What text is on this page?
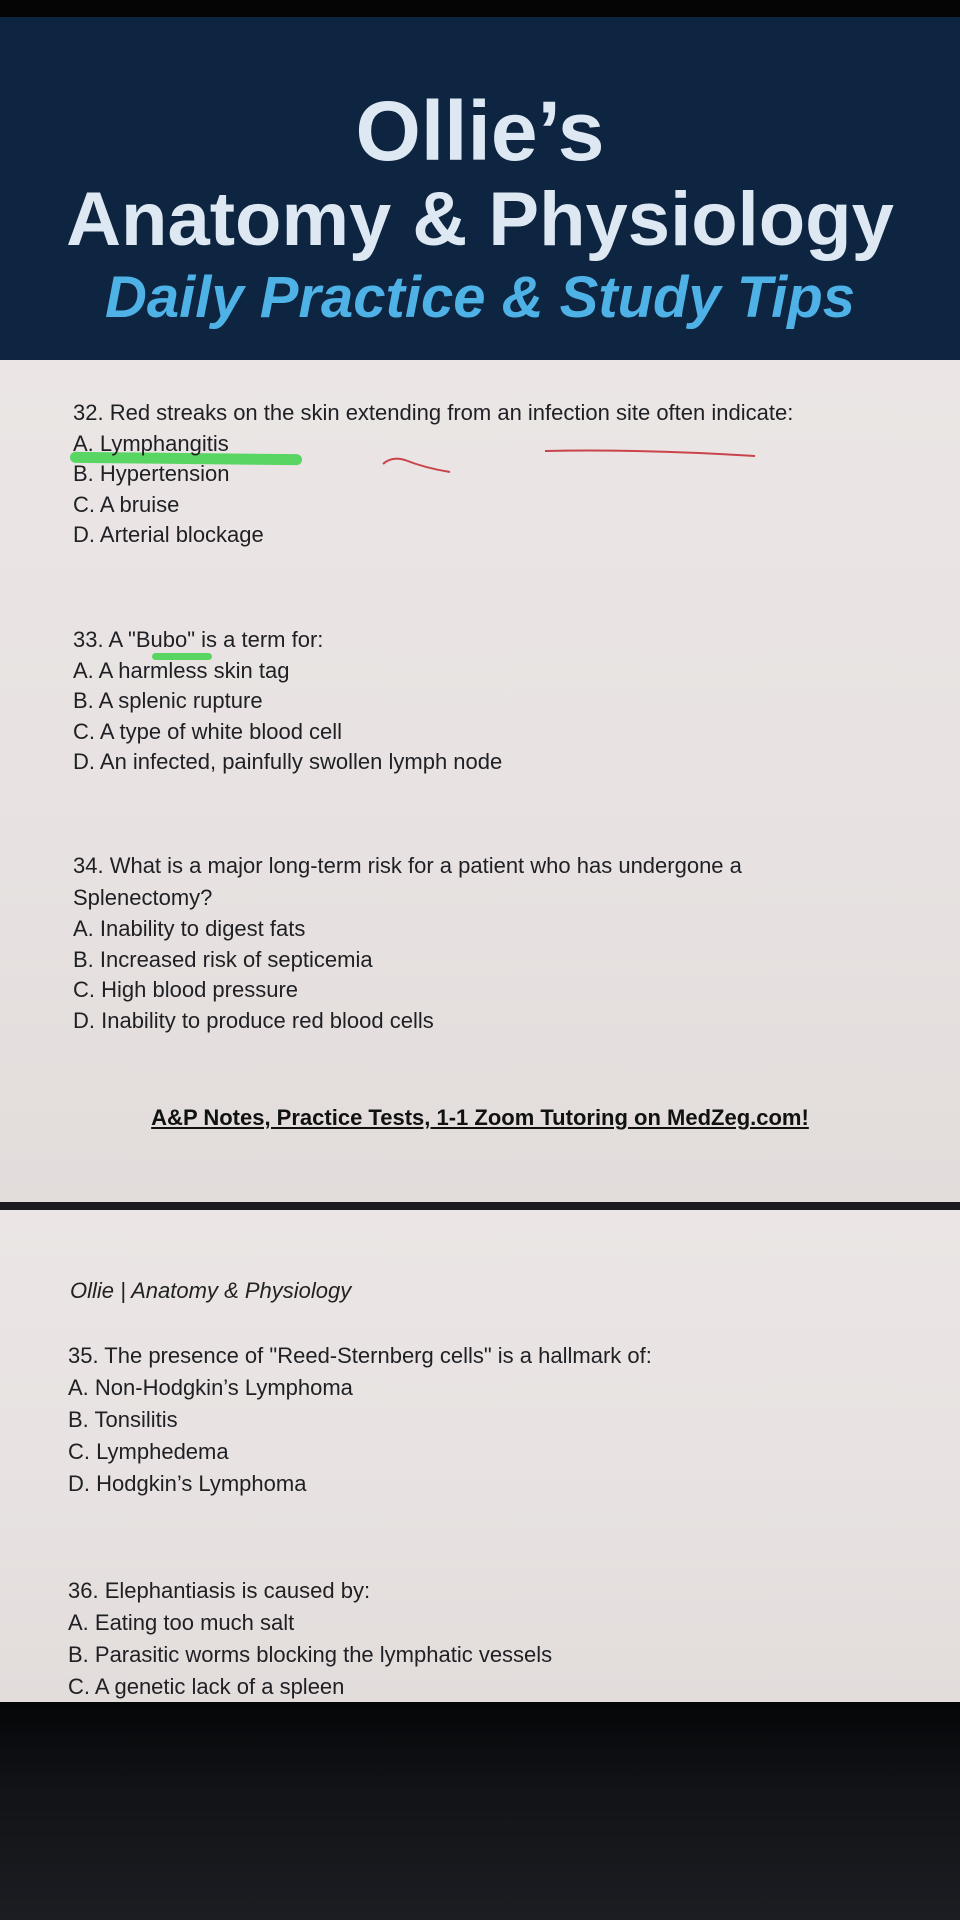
Ollie’s
Anatomy & Physiology
Daily Practice & Study Tips
32. Red streaks on the skin extending from an infection site often indicate:
A. Lymphangitis
B. Hypertension
C. A bruise
D. Arterial blockage
33. A "Bubo" is a term for:
A. A harmless skin tag
B. A splenic rupture
C. A type of white blood cell
D. An infected, painfully swollen lymph node
34. What is a major long-term risk for a patient who has undergone a Splenectomy?
A. Inability to digest fats
B. Increased risk of septicemia
C. High blood pressure
D. Inability to produce red blood cells
A&P Notes, Practice Tests, 1-1 Zoom Tutoring on MedZeg.com!
Ollie | Anatomy & Physiology
35. The presence of "Reed-Sternberg cells" is a hallmark of:
A. Non-Hodgkin’s Lymphoma
B. Tonsilitis
C. Lymphedema
D. Hodgkin’s Lymphoma
36. Elephantiasis is caused by:
A. Eating too much salt
B. Parasitic worms blocking the lymphatic vessels
C. A genetic lack of a spleen
